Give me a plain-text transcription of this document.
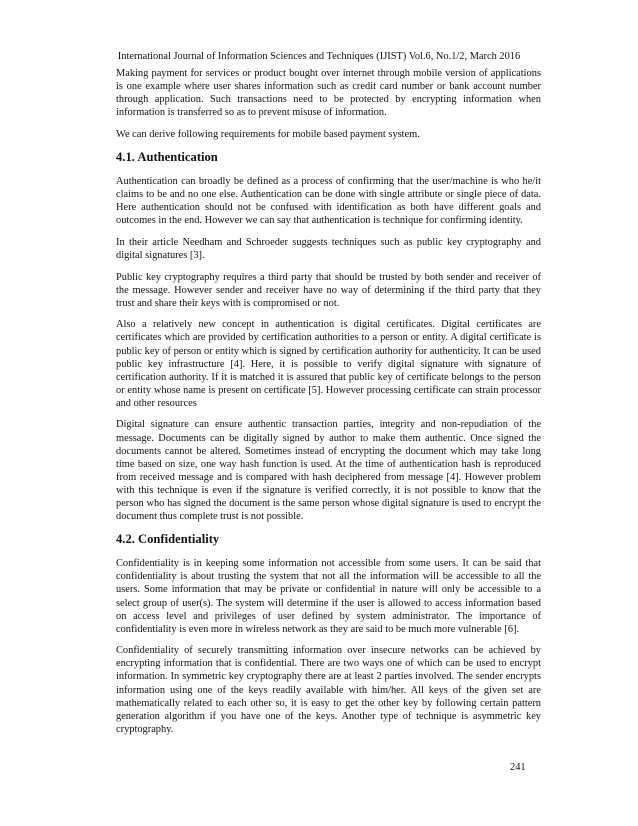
International Journal of Information Sciences and Techniques (IJIST) Vol.6, No.1/2, March 2016

Making payment for services or product bought over internet through mobile version of applications is one example where user shares information such as credit card number or bank account number through application. Such transactions need to be protected by encrypting information when information is transferred so as to prevent misuse of information.

We can derive following requirements for mobile based payment system.

4.1. Authentication

Authentication can broadly be defined as a process of confirming that the user/machine is who he/it claims to be and no one else. Authentication can be done with single attribute or single piece of data. Here authentication should not be confused with identification as both have different goals and outcomes in the end. However we can say that authentication is technique for confirming identity.

In their article Needham and Schroeder suggests techniques such as public key cryptography and digital signatures [3].

Public key cryptography requires a third party that should be trusted by both sender and receiver of the message. However sender and receiver have no way of determining if the third party that they trust and share their keys with is compromised or not.

Also a relatively new concept in authentication is digital certificates. Digital certificates are certificates which are provided by certification authorities to a person or entity. A digital certificate is public key of person or entity which is signed by certification authority for authenticity. It can be used public key infrastructure [4]. Here, it is possible to verify digital signature with signature of certification authority. If it is matched it is assured that public key of certificate belongs to the person or entity whose name is present on certificate [5]. However processing certificate can strain processor and other resources

Digital signature can ensure authentic transaction parties, integrity and non-repudiation of the message. Documents can be digitally signed by author to make them authentic. Once signed the documents cannot be altered. Sometimes instead of encrypting the document which may take long time based on size, one way hash function is used. At the time of authentication hash is reproduced from received message and is compared with hash deciphered from message [4]. However problem with this technique is even if the signature is verified correctly, it is not possible to know that the person who has signed the document is the same person whose digital signature is used to encrypt the document thus complete trust is not possible.

4.2. Confidentiality

Confidentiality is in keeping some information not accessible from some users. It can be said that confidentiality is about trusting the system that not all the information will be accessible to all the users. Some information that may be private or confidential in nature will only be accessible to a select group of user(s). The system will determine if the user is allowed to access information based on access level and privileges of user defined by system administrator. The importance of confidentiality is even more in wireless network as they are said to be much more vulnerable [6].

Confidentiality of securely transmitting information over insecure networks can be achieved by encrypting information that is confidential. There are two ways one of which can be used to encrypt information. In symmetric key cryptography there are at least 2 parties involved. The sender encrypts information using one of the keys readily available with him/her. All keys of the given set are mathematically related to each other so, it is easy to get the other key by following certain pattern generation algorithm if you have one of the keys. Another type of technique is asymmetric key cryptography.

241
